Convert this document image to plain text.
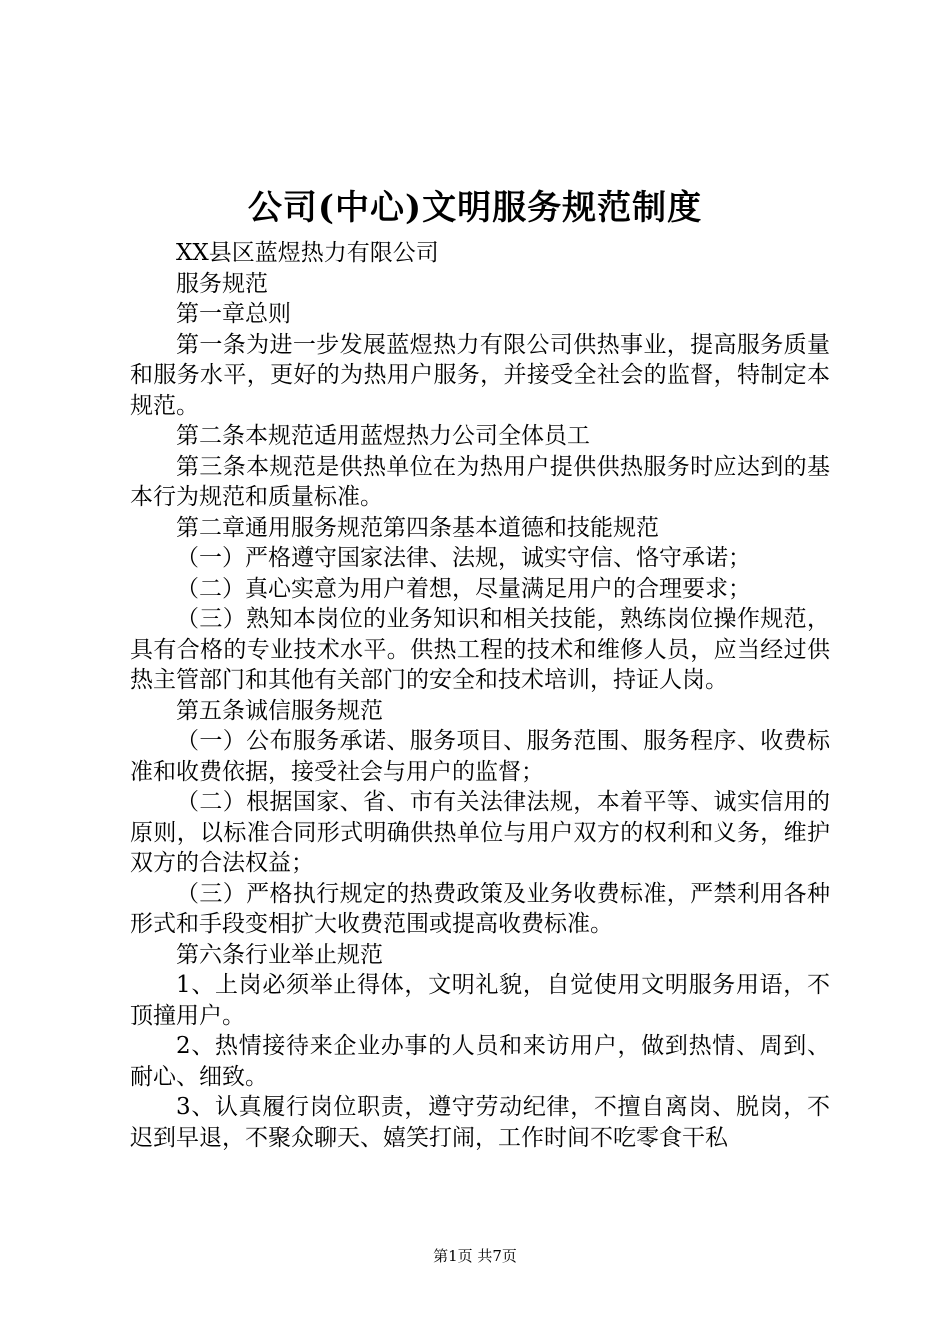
公司(中心)文明服务规范制度

XX县区蓝煜热力有限公司

服务规范

第一章总则

第一条为进一步发展蓝煜热力有限公司供热事业，提高服务质量和服务水平，更好的为热用户服务，并接受全社会的监督，特制定本规范。

第二条本规范适用蓝煜热力公司全体员工

第三条本规范是供热单位在为热用户提供供热服务时应达到的基本行为规范和质量标准。

第二章通用服务规范第四条基本道德和技能规范

（一）严格遵守国家法律、法规，诚实守信、恪守承诺；

（二）真心实意为用户着想，尽量满足用户的合理要求；

（三）熟知本岗位的业务知识和相关技能，熟练岗位操作规范，具有合格的专业技术水平。供热工程的技术和维修人员，应当经过供热主管部门和其他有关部门的安全和技术培训，持证人岗。

第五条诚信服务规范

（一）公布服务承诺、服务项目、服务范围、服务程序、收费标准和收费依据，接受社会与用户的监督；

（二）根据国家、省、市有关法律法规，本着平等、诚实信用的原则，以标准合同形式明确供热单位与用户双方的权利和义务，维护双方的合法权益；

（三）严格执行规定的热费政策及业务收费标准，严禁利用各种形式和手段变相扩大收费范围或提高收费标准。

第六条行业举止规范

1、上岗必须举止得体，文明礼貌，自觉使用文明服务用语，不顶撞用户。

2、热情接待来企业办事的人员和来访用户，做到热情、周到、耐心、细致。

3、认真履行岗位职责，遵守劳动纪律，不擅自离岗、脱岗，不迟到早退，不聚众聊天、嬉笑打闹，工作时间不吃零食干私

第1页 共7页
